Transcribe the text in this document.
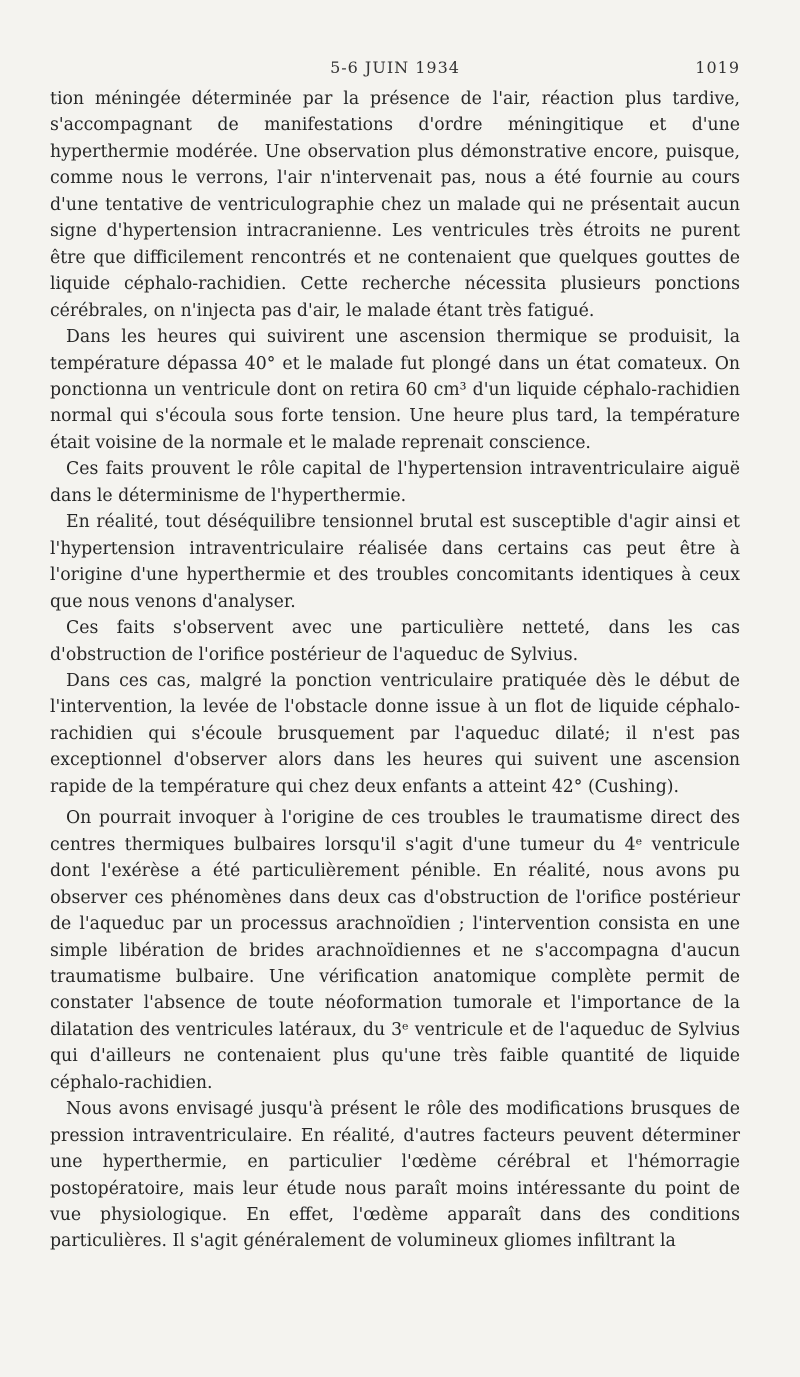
5-6 JUIN 1934	1019

tion méningée déterminée par la présence de l'air, réaction plus tardive, s'accompagnant de manifestations d'ordre méningitique et d'une hyperthermie modérée. Une observation plus démonstrative encore, puisque, comme nous le verrons, l'air n'intervenait pas, nous a été fournie au cours d'une tentative de ventriculographie chez un malade qui ne présentait aucun signe d'hypertension intracranienne. Les ventricules très étroits ne purent être que difficilement rencontrés et ne contenaient que quelques gouttes de liquide céphalo-rachidien. Cette recherche nécessita plusieurs ponctions cérébrales, on n'injecta pas d'air, le malade étant très fatigué.

Dans les heures qui suivirent une ascension thermique se produisit, la température dépassa 40° et le malade fut plongé dans un état comateux. On ponctionna un ventricule dont on retira 60 cm³ d'un liquide céphalo-rachidien normal qui s'écoula sous forte tension. Une heure plus tard, la température était voisine de la normale et le malade reprenait conscience.

Ces faits prouvent le rôle capital de l'hypertension intraventriculaire aiguë dans le déterminisme de l'hyperthermie.

En réalité, tout déséquilibre tensionnel brutal est susceptible d'agir ainsi et l'hypertension intraventriculaire réalisée dans certains cas peut être à l'origine d'une hyperthermie et des troubles concomitants identiques à ceux que nous venons d'analyser.

Ces faits s'observent avec une particulière netteté, dans les cas d'obstruction de l'orifice postérieur de l'aqueduc de Sylvius.

Dans ces cas, malgré la ponction ventriculaire pratiquée dès le début de l'intervention, la levée de l'obstacle donne issue à un flot de liquide céphalo-rachidien qui s'écoule brusquement par l'aqueduc dilaté; il n'est pas exceptionnel d'observer alors dans les heures qui suivent une ascension rapide de la température qui chez deux enfants a atteint 42° (Cushing).

On pourrait invoquer à l'origine de ces troubles le traumatisme direct des centres thermiques bulbaires lorsqu'il s'agit d'une tumeur du 4ᵉ ventricule dont l'exérèse a été particulièrement pénible. En réalité, nous avons pu observer ces phénomènes dans deux cas d'obstruction de l'orifice postérieur de l'aqueduc par un processus arachnoïdien ; l'intervention consista en une simple libération de brides arachnoïdiennes et ne s'accompagna d'aucun traumatisme bulbaire. Une vérification anatomique complète permit de constater l'absence de toute néoformation tumorale et l'importance de la dilatation des ventricules latéraux, du 3ᵉ ventricule et de l'aqueduc de Sylvius qui d'ailleurs ne contenaient plus qu'une très faible quantité de liquide céphalo-rachidien.

Nous avons envisagé jusqu'à présent le rôle des modifications brusques de pression intraventriculaire. En réalité, d'autres facteurs peuvent déterminer une hyperthermie, en particulier l'œdème cérébral et l'hémorragie postopératoire, mais leur étude nous paraît moins intéressante du point de vue physiologique. En effet, l'œdème apparaît dans des conditions particulières. Il s'agit généralement de volumineux gliomes infiltrant la
